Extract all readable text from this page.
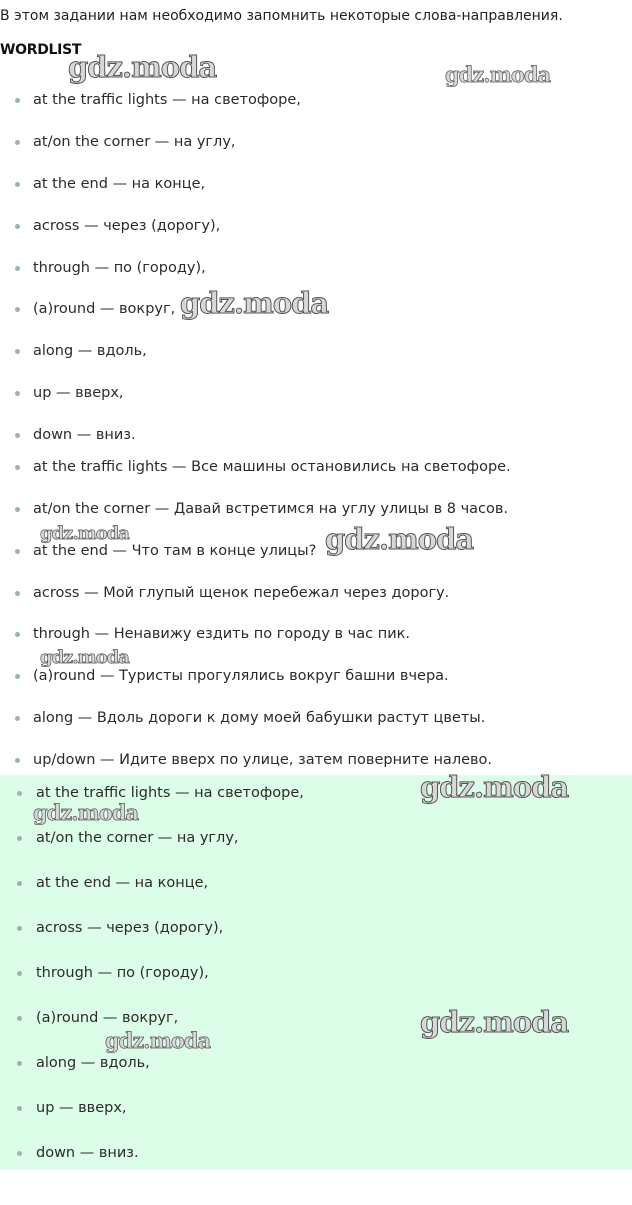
В этом задании нам необходимо запомнить некоторые слова-направления.
WORDLIST
at the traffic lights — на светофоре,
at/on the corner — на углу,
at the end — на конце,
across — через (дорогу),
through — по (городу),
(a)round — вокруг,
along — вдоль,
up — вверх,
down — вниз.
at the traffic lights — Все машины остановились на светофоре.
at/on the corner — Давай встретимся на углу улицы в 8 часов.
at the end — Что там в конце улицы?
across — Мой глупый щенок перебежал через дорогу.
through — Ненавижу ездить по городу в час пик.
(a)round — Туристы прогулялись вокруг башни вчера.
along — Вдоль дороги к дому моей бабушки растут цветы.
up/down — Идите вверх по улице, затем поверните налево.
at the traffic lights — на светофоре,
at/on the corner — на углу,
at the end — на конце,
across — через (дорогу),
through — по (городу),
(a)round — вокруг,
along — вдоль,
up — вверх,
down — вниз.
gdz.moda	gdz.moda
gdz.moda
gdz.moda	gdz.moda
gdz.moda
gdz.moda
gdz.moda
gdz.moda
gdz.moda
